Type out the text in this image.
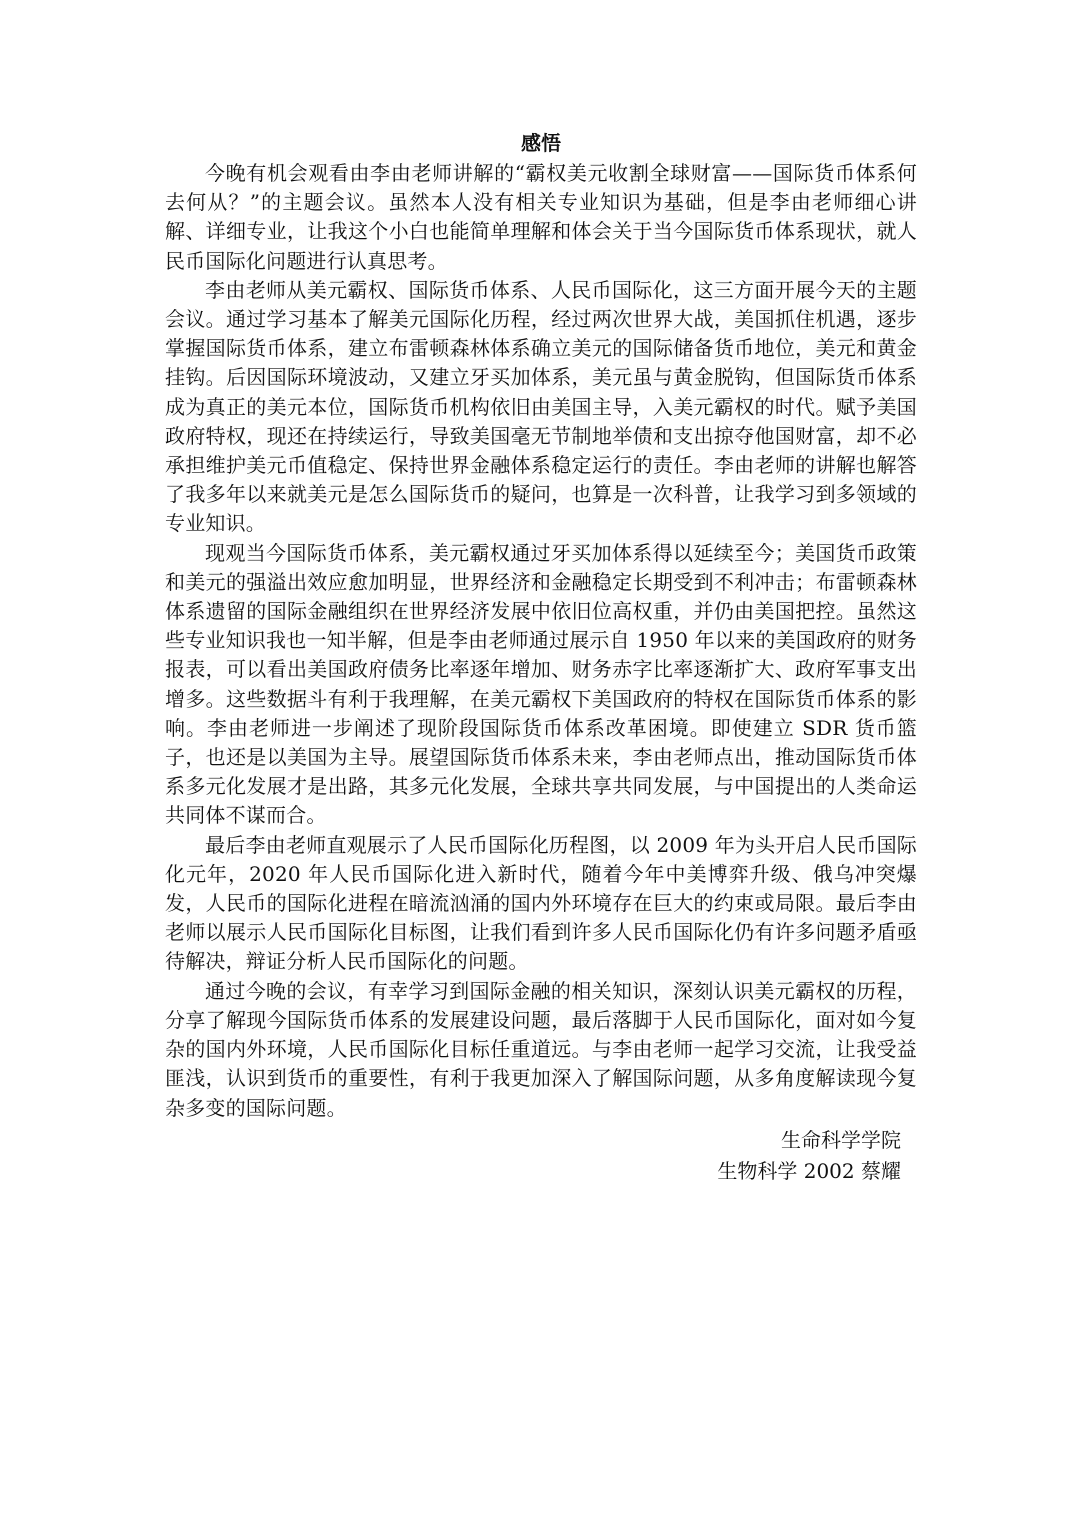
感悟

今晚有机会观看由李由老师讲解的“霸权美元收割全球财富——国际货币体系何去何从？”的主题会议。虽然本人没有相关专业知识为基础，但是李由老师细心讲解、详细专业，让我这个小白也能简单理解和体会关于当今国际货币体系现状，就人民币国际化问题进行认真思考。

李由老师从美元霸权、国际货币体系、人民币国际化，这三方面开展今天的主题会议。通过学习基本了解美元国际化历程，经过两次世界大战，美国抓住机遇，逐步掌握国际货币体系，建立布雷顿森林体系确立美元的国际储备货币地位，美元和黄金挂钩。后因国际环境波动，又建立牙买加体系，美元虽与黄金脱钩，但国际货币体系成为真正的美元本位，国际货币机构依旧由美国主导，入美元霸权的时代。赋予美国政府特权，现还在持续运行，导致美国毫无节制地举债和支出掠夺他国财富，却不必承担维护美元币值稳定、保持世界金融体系稳定运行的责任。李由老师的讲解也解答了我多年以来就美元是怎么国际货币的疑问，也算是一次科普，让我学习到多领域的专业知识。

现观当今国际货币体系，美元霸权通过牙买加体系得以延续至今；美国货币政策和美元的强溢出效应愈加明显，世界经济和金融稳定长期受到不利冲击；布雷顿森林体系遗留的国际金融组织在世界经济发展中依旧位高权重，并仍由美国把控。虽然这些专业知识我也一知半解，但是李由老师通过展示自 1950 年以来的美国政府的财务报表，可以看出美国政府债务比率逐年增加、财务赤字比率逐渐扩大、政府军事支出增多。这些数据斗有利于我理解，在美元霸权下美国政府的特权在国际货币体系的影响。李由老师进一步阐述了现阶段国际货币体系改革困境。即使建立 SDR 货币篮子，也还是以美国为主导。展望国际货币体系未来，李由老师点出，推动国际货币体系多元化发展才是出路，其多元化发展，全球共享共同发展，与中国提出的人类命运共同体不谋而合。

最后李由老师直观展示了人民币国际化历程图，以 2009 年为头开启人民币国际化元年，2020 年人民币国际化进入新时代，随着今年中美博弈升级、俄乌冲突爆发，人民币的国际化进程在暗流汹涌的国内外环境存在巨大的约束或局限。最后李由老师以展示人民币国际化目标图，让我们看到许多人民币国际化仍有许多问题矛盾亟待解决，辩证分析人民币国际化的问题。

通过今晚的会议，有幸学习到国际金融的相关知识，深刻认识美元霸权的历程，分享了解现今国际货币体系的发展建设问题，最后落脚于人民币国际化，面对如今复杂的国内外环境，人民币国际化目标任重道远。与李由老师一起学习交流，让我受益匪浅，认识到货币的重要性，有利于我更加深入了解国际问题，从多角度解读现今复杂多变的国际问题。

生命科学学院
生物科学 2002 蔡耀
